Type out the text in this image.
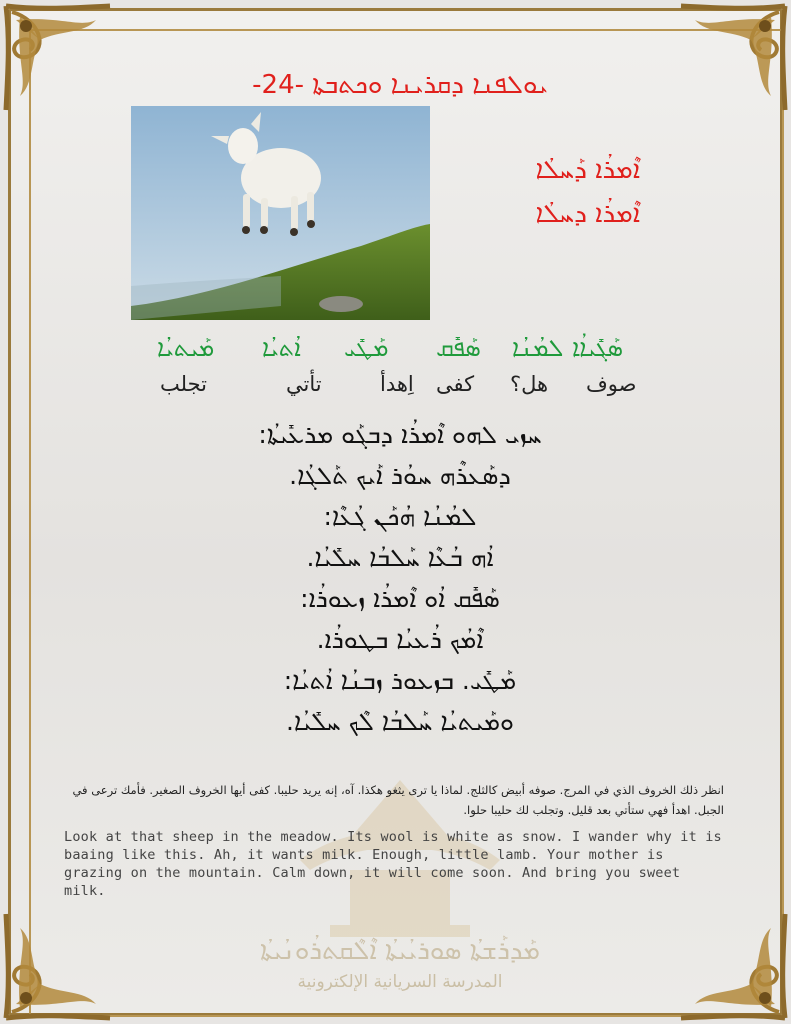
ܡܰܕܪܰܫܬܳܐ ܣܘܪܝܳܝܬܳܐ ܐܶܠܶܩܬܪܳܘܢܳܝܬܳܐ
المدرسة السريانية الإلكترونية
ܝܘܠܦܢܐ ܕܩܪܝܢܐ ܘܟܬܒܬܐ -24-
ܐܶܡܪܳܐ ܕܰܚܠܳܐ
ܐܶܡܪܳܐ ܕܚܠܳܐ
ܣܰܓܺܝܐܳܐ
ܠܡܳܢܳܐ
ܣܰܦܺܩ
ܡܰܛܺܝ
ܐܳܬܝܳܐ
ܡܰܝܬܝܳܐ
صوف
هل؟
كفى
اِهدأ
تأتي
تجلب
ܚܙܝ ܠܗܘ ܐܶܡܪܳܐ ܕܒܓܰܘ ܡܪܥܺܝܬܳܐ:
ܕܣܰܥܪܶܗ ܚܘܳܪ ܐܰܝܟ ܬܰܠܓܳܐ.
ܠܡܳܢܳܐ ܗܳܟܰܢ ܓܳܥܶܐ:
ܐܳܗ ܒܳܥܶܐ ܚܰܠܒܳܐ ܚܠܺܝܳܐ.
ܣܰܦܺܩ ܐܳܘ ܐܶܡܪܳܐ ܙܥܘܪܳܐ:
ܐܶܡܳܟ ܪܳܥܝܳܐ ܒܛܘܪܳܐ.
ܡܰܛܺܝ. ܒܙܥܘܪ ܙܒܢܳܐ ܐܳܬܝܳܐ:
ܘܡܰܝܬܝܳܐ ܚܰܠܒܳܐ ܠܶܟ ܚܠܺܝܳܐ.
انظر ذلك الخروف الذي في المرج. صوفه أبيض كالثلج. لماذا يا ترى يثغو هكذا. آه، إنه يريد حليبا. كفى أيها الخروف الصغير. فأمك ترعى في الجبل. اهدأ فهي ستأتي بعد قليل. وتجلب لك حليبا حلوا.
Look at that sheep in the meadow. Its wool is white as snow. I wander why it is baaing like this. Ah, it wants milk. Enough, little lamb. Your mother is grazing on the mountain. Calm down, it will come soon. And bring you sweet milk.
